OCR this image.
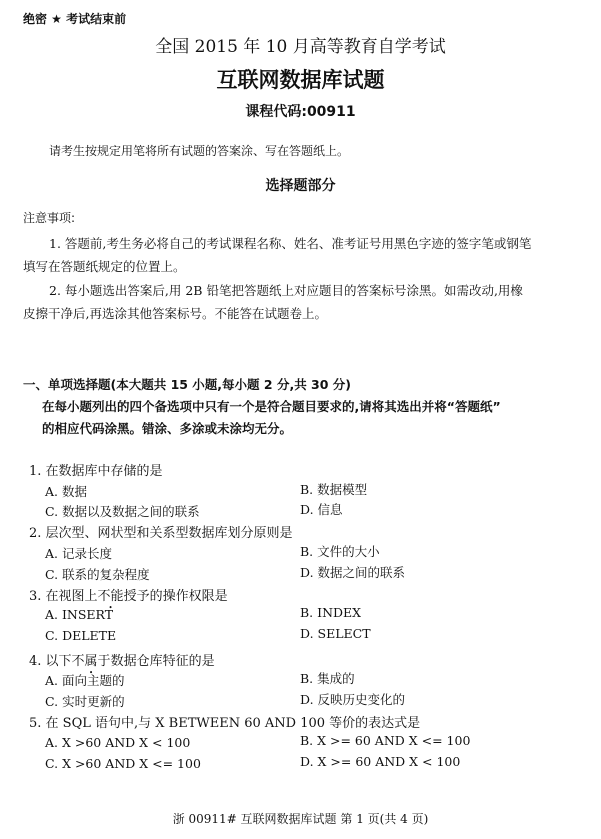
绝密 ★ 考试结束前
全国 2015 年 10 月高等教育自学考试
互联网数据库试题
课程代码:00911
请考生按规定用笔将所有试题的答案涂、写在答题纸上。
选择题部分
注意事项:
1. 答题前,考生务必将自己的考试课程名称、姓名、准考证号用黑色字迹的签字笔或钢笔
填写在答题纸规定的位置上。
2. 每小题选出答案后,用 2B 铅笔把答题纸上对应题目的答案标号涂黑。如需改动,用橡
皮擦干净后,再选涂其他答案标号。不能答在试题卷上。
一、单项选择题(本大题共 15 小题,每小题 2 分,共 30 分)
在每小题列出的四个备选项中只有一个是符合题目要求的,请将其选出并将“答题纸”
的相应代码涂黑。错涂、多涂或未涂均无分。
1. 在数据库中存储的是
A. 数据	B. 数据模型
C. 数据以及数据之间的联系	D. 信息
2. 层次型、网状型和关系型数据库划分原则是
A. 记录长度	B. 文件的大小
C. 联系的复杂程度	D. 数据之间的联系
3. 在视图上不能授予的操作权限是
A. INSERT	B. INDEX
C. DELETE	D. SELECT
4. 以下不属于数据仓库特征的是
A. 面向主题的	B. 集成的
C. 实时更新的	D. 反映历史变化的
5. 在 SQL 语句中,与 X BETWEEN 60 AND 100 等价的表达式是
A. X >60 AND X < 100	B. X >= 60 AND X <= 100
C. X >60 AND X <= 100	D. X >= 60 AND X < 100
浙 00911# 互联网数据库试题 第 1 页(共 4 页)
